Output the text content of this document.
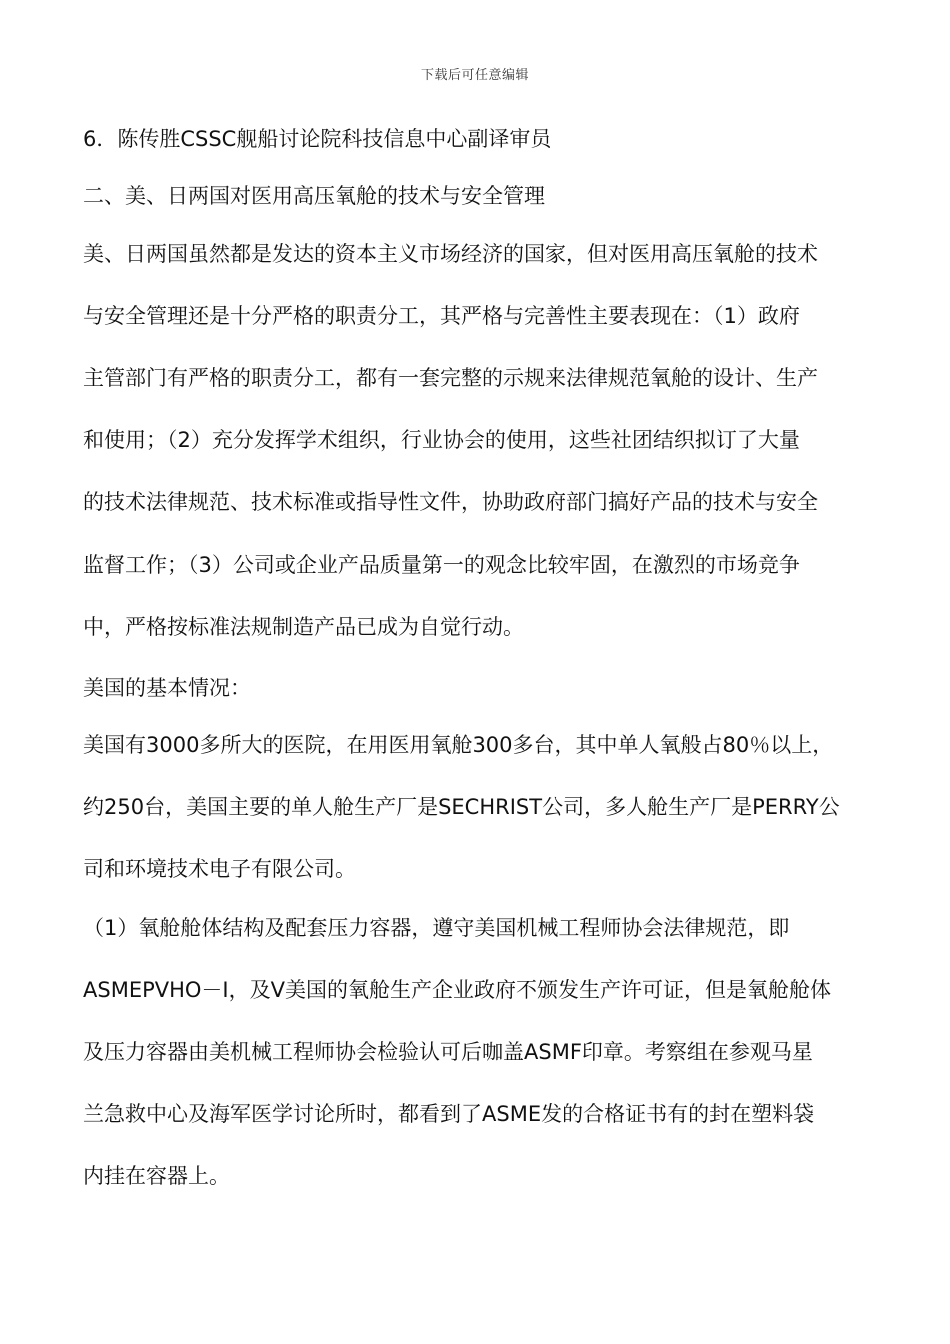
下载后可任意编辑
6．陈传胜CSSC舰船讨论院科技信息中心副译审员
二、美、日两国对医用高压氧舱的技术与安全管理
美、日两国虽然都是发达的资本主义市场经济的国家，但对医用高压氧舱的技术
与安全管理还是十分严格的职责分工，其严格与完善性主要表现在：（1）政府
主管部门有严格的职责分工，都有一套完整的示规来法律规范氧舱的设计、生产
和使用；（2）充分发挥学术组织，行业协会的使用，这些社团结织拟订了大量
的技术法律规范、技术标准或指导性文件，协助政府部门搞好产品的技术与安全
监督工作；（3）公司或企业产品质量第一的观念比较牢固，在激烈的市场竞争
中，严格按标准法规制造产品已成为自觉行动。
美国的基本情况：
美国有3000多所大的医院，在用医用氧舱300多台，其中单人氧般占80％以上，
约250台，美国主要的单人舱生产厂是SECHRIST公司，多人舱生产厂是PERRY公
司和环境技术电子有限公司。
（1）氧舱舱体结构及配套压力容器，遵守美国机械工程师协会法律规范，即
ASMEPVHO－Ⅰ，及Ⅴ美国的氧舱生产企业政府不颁发生产许可证，但是氧舱舱体
及压力容器由美机械工程师协会检验认可后咖盖ASMF印章。考察组在参观马星
兰急救中心及海军医学讨论所时，都看到了ASME发的合格证书有的封在塑料袋
内挂在容器上。
